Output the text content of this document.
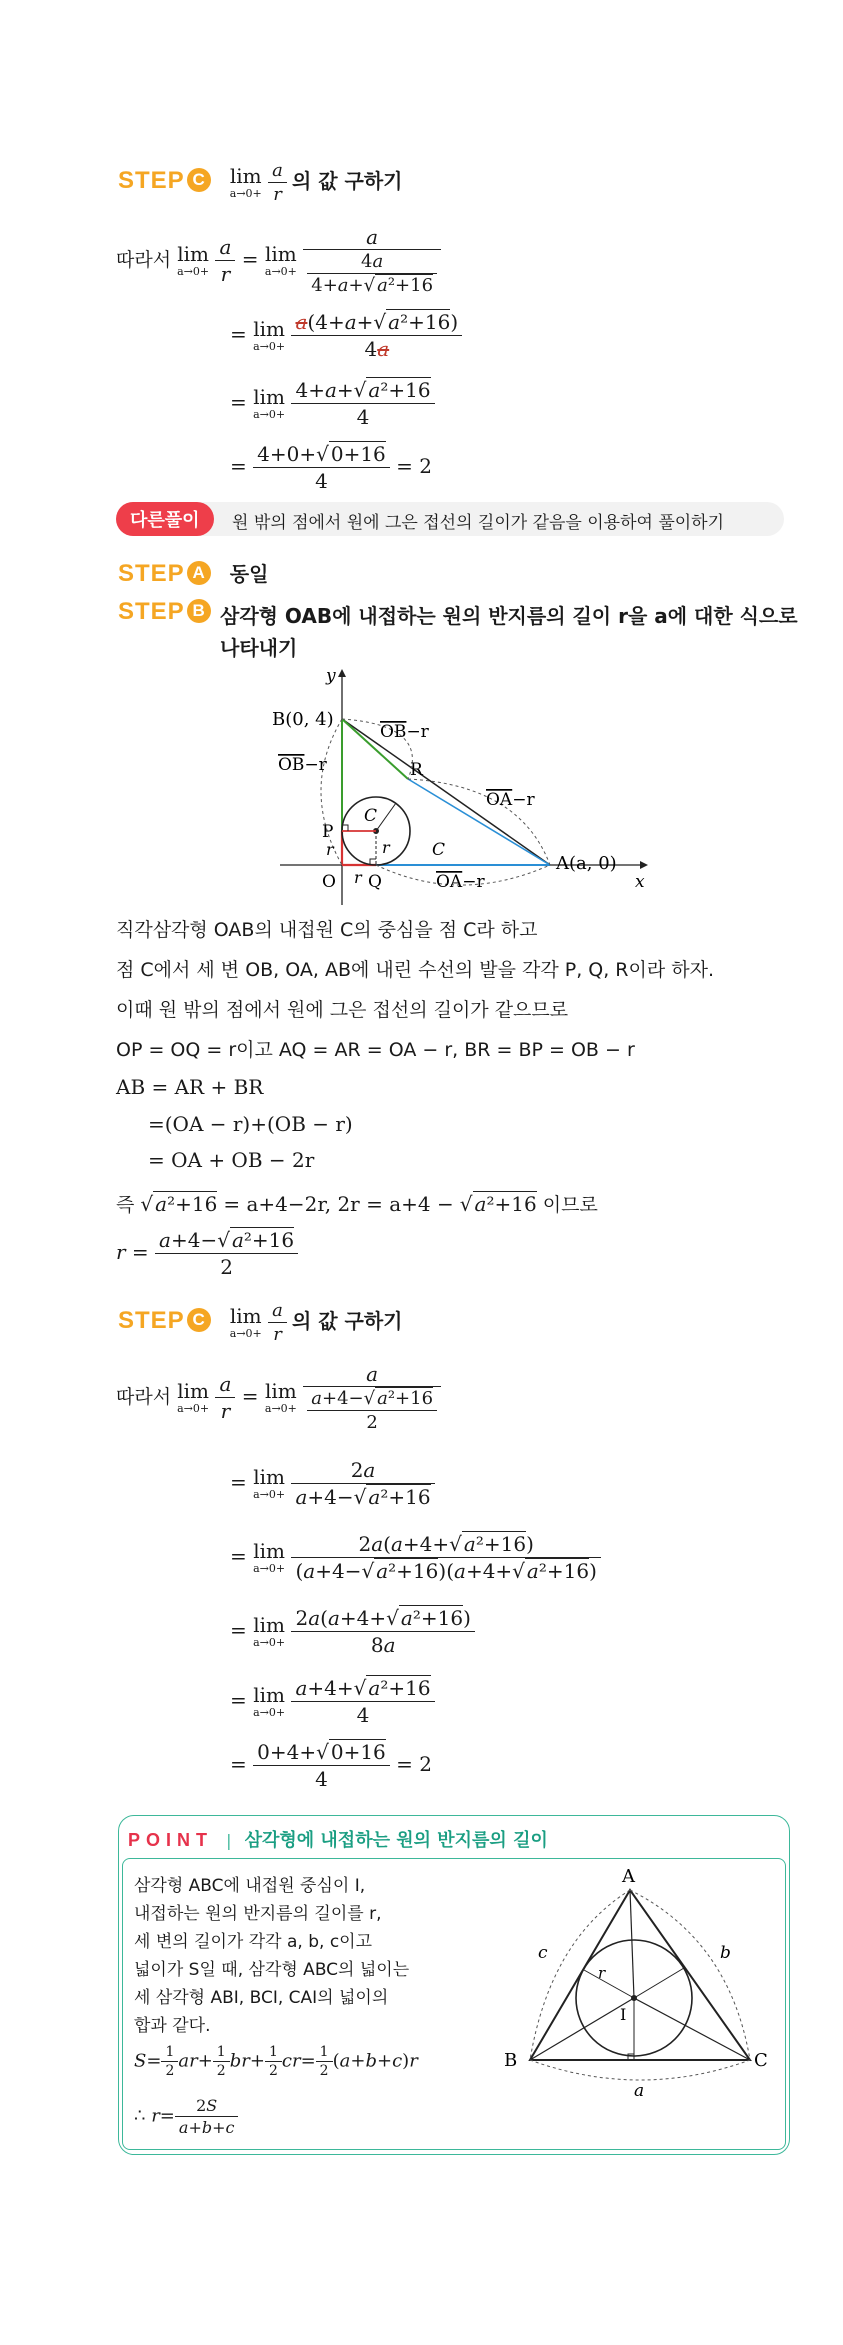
STEP C lim
a→0+
$\frac{a}{r}$ 의 값 구하기
따라서 lim
a→0+
$\frac{a}{r} = \lim$
a→0+
$\frac{a}{\frac{4a}{\text{4+a+√ a²+16}}}$
= lim
a→0+
$\frac{\text{a(4+a+√ a²+16)}}{4a}$
= lim
a→0+
$\frac{\text{4+a+√ a²+16}}{4}$
= $\frac{4+0+√ 0+16}{4} = 2$
다른풀이	원 밖의 점에서 원에 그은 접선의 길이가 같음을 이용하여 풀이하기
STEP A 동일
STEP B 삼각형 OAB에 내접하는 원의 반지름의 길이 r을 a에 대한 식으로
나타내기
B(0, 4)
A(a, 0)
O
P
Q
R
C
C
x
y
r
r
r
OB−r
OB−r
OA−r
OA−r
직각삼각형 OAB의 내접원 C의 중심을 점 C라 하고
점 C에서 세 변 OB, OA, AB에 내린 수선의 발을 각각 P, Q, R이라 하자.
이때 원 밖의 점에서 원에 그은 접선의 길이가 같으므로
OP = OQ = r이고 AQ = AR = OA − r, BR = BP = OB − r
AB = AR + BR
=(OA − r)+(OB − r)
= OA + OB − 2r
즉 √ a²+16 = a+4−2r, 2r = a+4 − √ a²+16 이므로
$r = \frac{\text{a+4−√ a²+16}}{2}$
STEP C lim
a→0+
$\frac{a}{r}$ 의 값 구하기
따라서 lim
a→0+
$\frac{a}{r} = \lim$
a→0+
$\frac{a}{\frac{\text{a+4−√ a²+16}}{2}}$
= lim
a→0+
$\frac{2a}{\text{a+4−√ a²+16}}$
= lim
a→0+
$\frac{\text{2a(a+4+√ a²+16)}}{\text{(a+4−√ a²+16)(a+4+√ a²+16)}}$
= lim
a→0+
$\frac{\text{2a(a+4+√ a²+16)}}{8a}$
= lim
a→0+
$\frac{\text{a+4+√ a²+16}}{4}$
= $\frac{0+4+√ 0+16}{4} = 2$
POINT | 삼각형에 내접하는 원의 반지름의 길이
삼각형 ABC에 내접원 중심이 I,
내접하는 원의 반지름의 길이를 r,
세 변의 길이가 각각 a, b, c이고
넓이가 S일 때, 삼각형 ABC의 넓이는
세 삼각형 ABI, BCI, CAI의 넓이의
합과 같다.
$S= \frac{1}{2} ar+ \frac{1}{2} br+ \frac{1}{2} cr= \frac{1}{2} (a+b+c)r$
∴ $r= \frac{2S}{a+b+c}$
A
B	C
I
a
b
c
r
